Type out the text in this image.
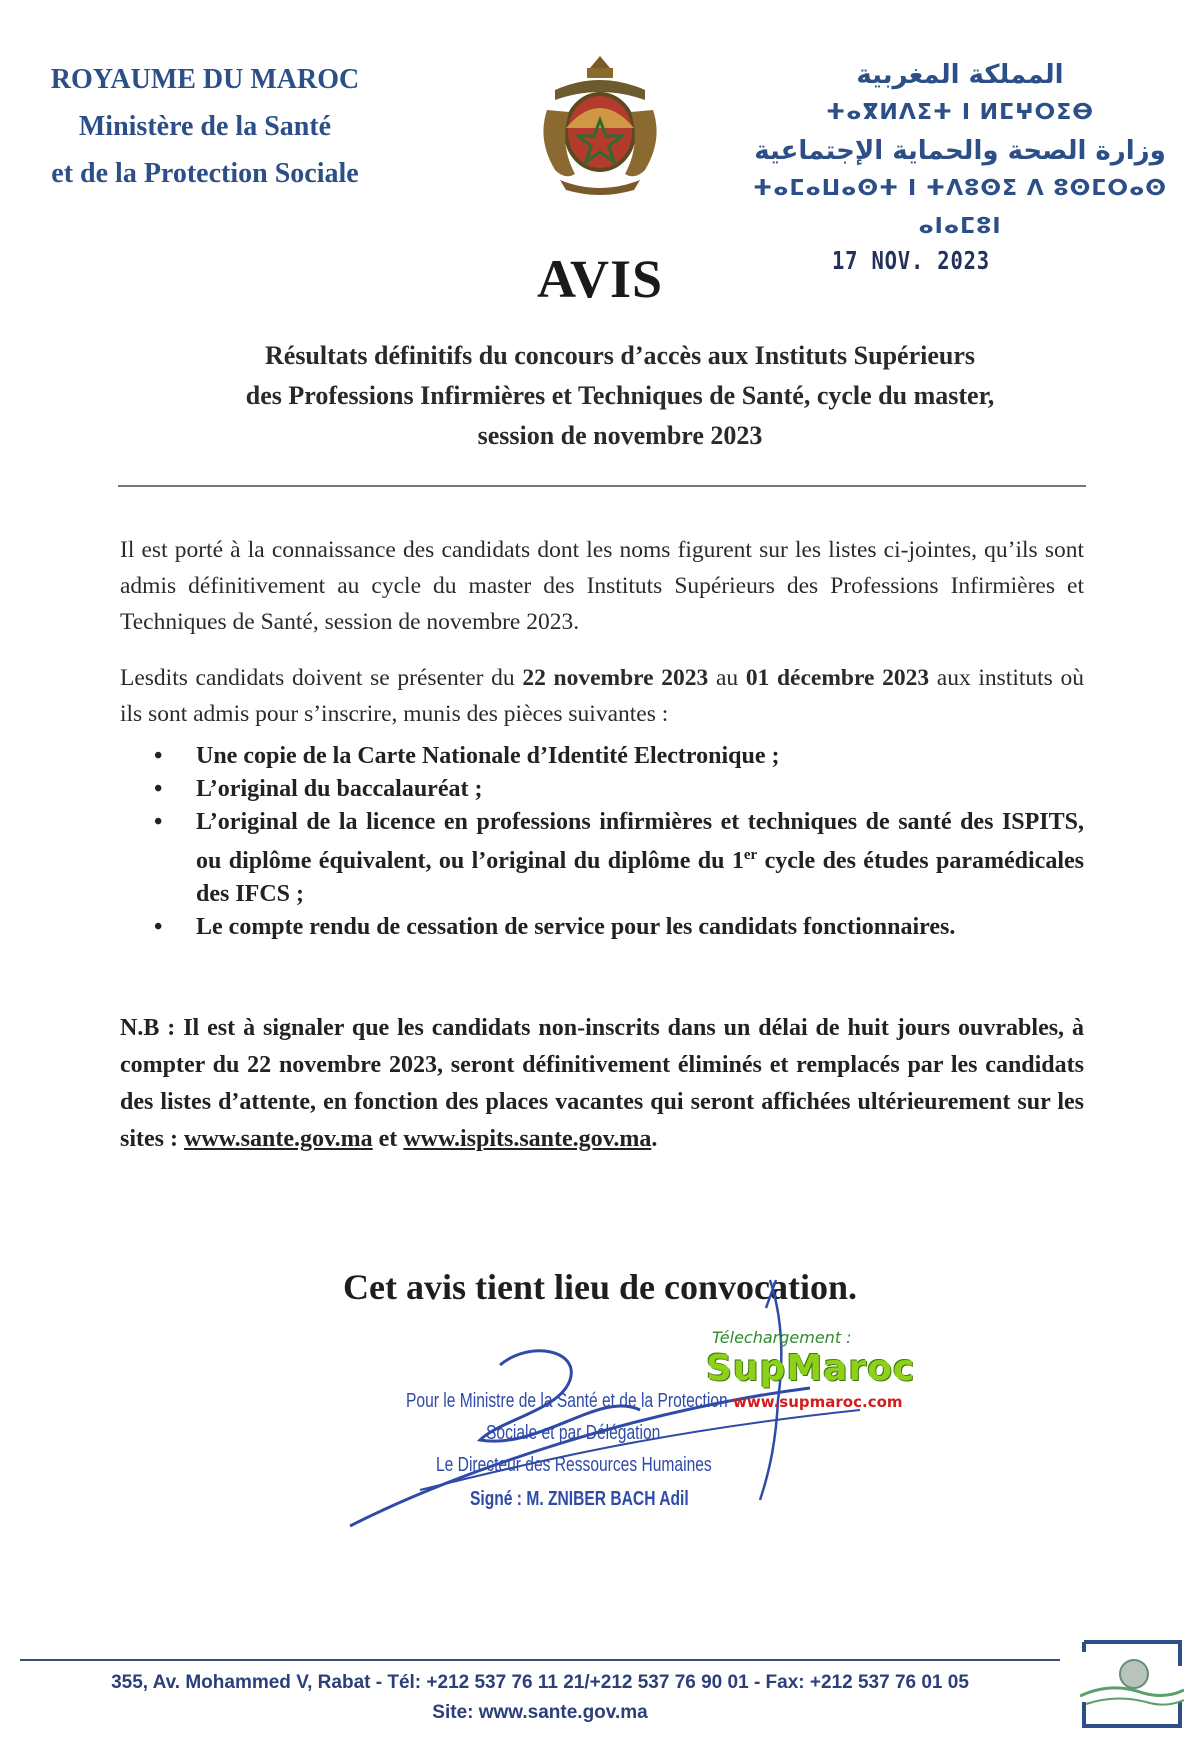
ROYAUME DU MAROC
Ministère de la Santé
et de la Protection Sociale
المملكة المغربية
ⵜⴰⴳⵍⴷⵉⵜ ⵏ ⵍⵎⵖⵔⵉⴱ
وزارة الصحة والحماية الإجتماعية
ⵜⴰⵎⴰⵡⴰⵙⵜ ⵏ ⵜⴷⵓⵙⵉ ⴷ ⵓⵙⵎⵔⴰⵙ ⴰⵏⴰⵎⵓⵏ
17 NOV. 2023
AVIS
Résultats définitifs du concours d’accès aux Instituts Supérieurs
des Professions Infirmières et Techniques de Santé, cycle du master,
session de novembre 2023
Il est porté à la connaissance des candidats dont les noms figurent sur les listes ci-jointes, qu’ils sont admis définitivement au cycle du master des Instituts Supérieurs des Professions Infirmières et Techniques de Santé, session de novembre 2023.
Lesdits candidats doivent se présenter du 22 novembre 2023 au 01 décembre 2023 aux instituts où ils sont admis pour s’inscrire, munis des pièces suivantes :
• Une copie de la Carte Nationale d’Identité Electronique ;
• L’original du baccalauréat ;
• L’original de la licence en professions infirmières et techniques de santé des ISPITS, ou diplôme équivalent, ou l’original du diplôme du 1er cycle des études paramédicales des IFCS ;
• Le compte rendu de cessation de service pour les candidats fonctionnaires.
N.B : Il est à signaler que les candidats non-inscrits dans un délai de huit jours ouvrables, à compter du 22 novembre 2023, seront définitivement éliminés et remplacés par les candidats des listes d’attente, en fonction des places vacantes qui seront affichées ultérieurement sur les sites : www.sante.gov.ma et www.ispits.sante.gov.ma.
Cet avis tient lieu de convocation.
Télechargement :
SupMaroc
www.supmaroc.com
Pour le Ministre de la Santé et de la Protection
Sociale et par Délégation
Le Directeur des Ressources Humaines
Signé : M. ZNIBER BACH Adil
355, Av. Mohammed V, Rabat - Tél: +212 537 76 11 21/+212 537 76 90 01 - Fax: +212 537 76 01 05
Site: www.sante.gov.ma
